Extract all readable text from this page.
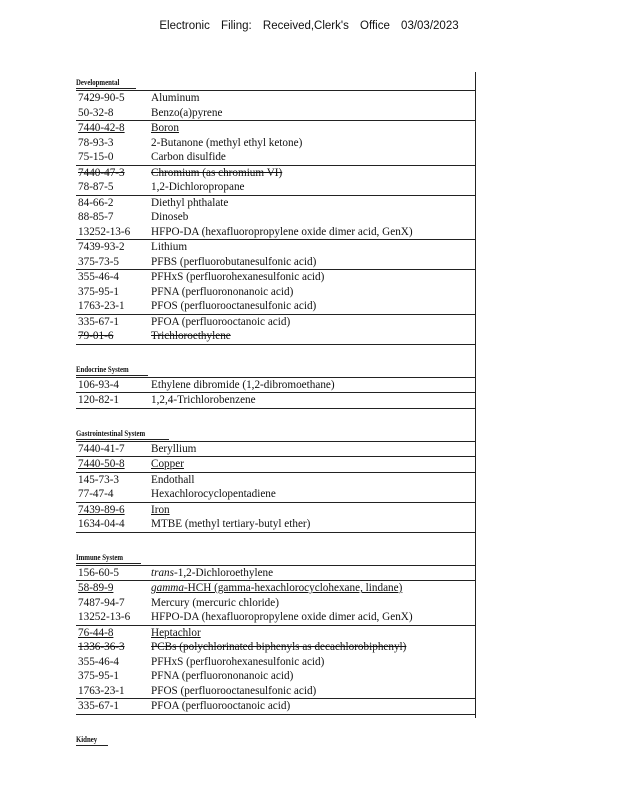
Electronic Filing: Received,Clerk's Office 03/03/2023
Developmental
7429-90-5	Aluminum
50-32-8	Benzo(a)pyrene
7440-42-8	Boron
78-93-3	2-Butanone (methyl ethyl ketone)
75-15-0	Carbon disulfide
7440-47-3	Chromium (as chromium VI)
78-87-5	1,2-Dichloropropane
84-66-2	Diethyl phthalate
88-85-7	Dinoseb
13252-13-6	HFPO-DA (hexafluoropropylene oxide dimer acid, GenX)
7439-93-2	Lithium
375-73-5	PFBS (perfluorobutanesulfonic acid)
355-46-4	PFHxS (perfluorohexanesulfonic acid)
375-95-1	PFNA (perfluorononanoic acid)
1763-23-1	PFOS (perfluorooctanesulfonic acid)
335-67-1	PFOA (perfluorooctanoic acid)
79-01-6	Trichloroethylene
Endocrine System
106-93-4	Ethylene dibromide (1,2-dibromoethane)
120-82-1	1,2,4-Trichlorobenzene
Gastrointestinal System
7440-41-7	Beryllium
7440-50-8	Copper
145-73-3	Endothall
77-47-4	Hexachlorocyclopentadiene
7439-89-6	Iron
1634-04-4	MTBE (methyl tertiary-butyl ether)
Immune System
156-60-5	trans-1,2-Dichloroethylene
58-89-9	gamma-HCH (gamma-hexachlorocyclohexane, lindane)
7487-94-7	Mercury (mercuric chloride)
13252-13-6	HFPO-DA (hexafluoropropylene oxide dimer acid, GenX)
76-44-8	Heptachlor
1336-36-3	PCBs (polychlorinated biphenyls as decachlorobiphenyl)
355-46-4	PFHxS (perfluorohexanesulfonic acid)
375-95-1	PFNA (perfluorononanoic acid)
1763-23-1	PFOS (perfluorooctanesulfonic acid)
335-67-1	PFOA (perfluorooctanoic acid)
Kidney
